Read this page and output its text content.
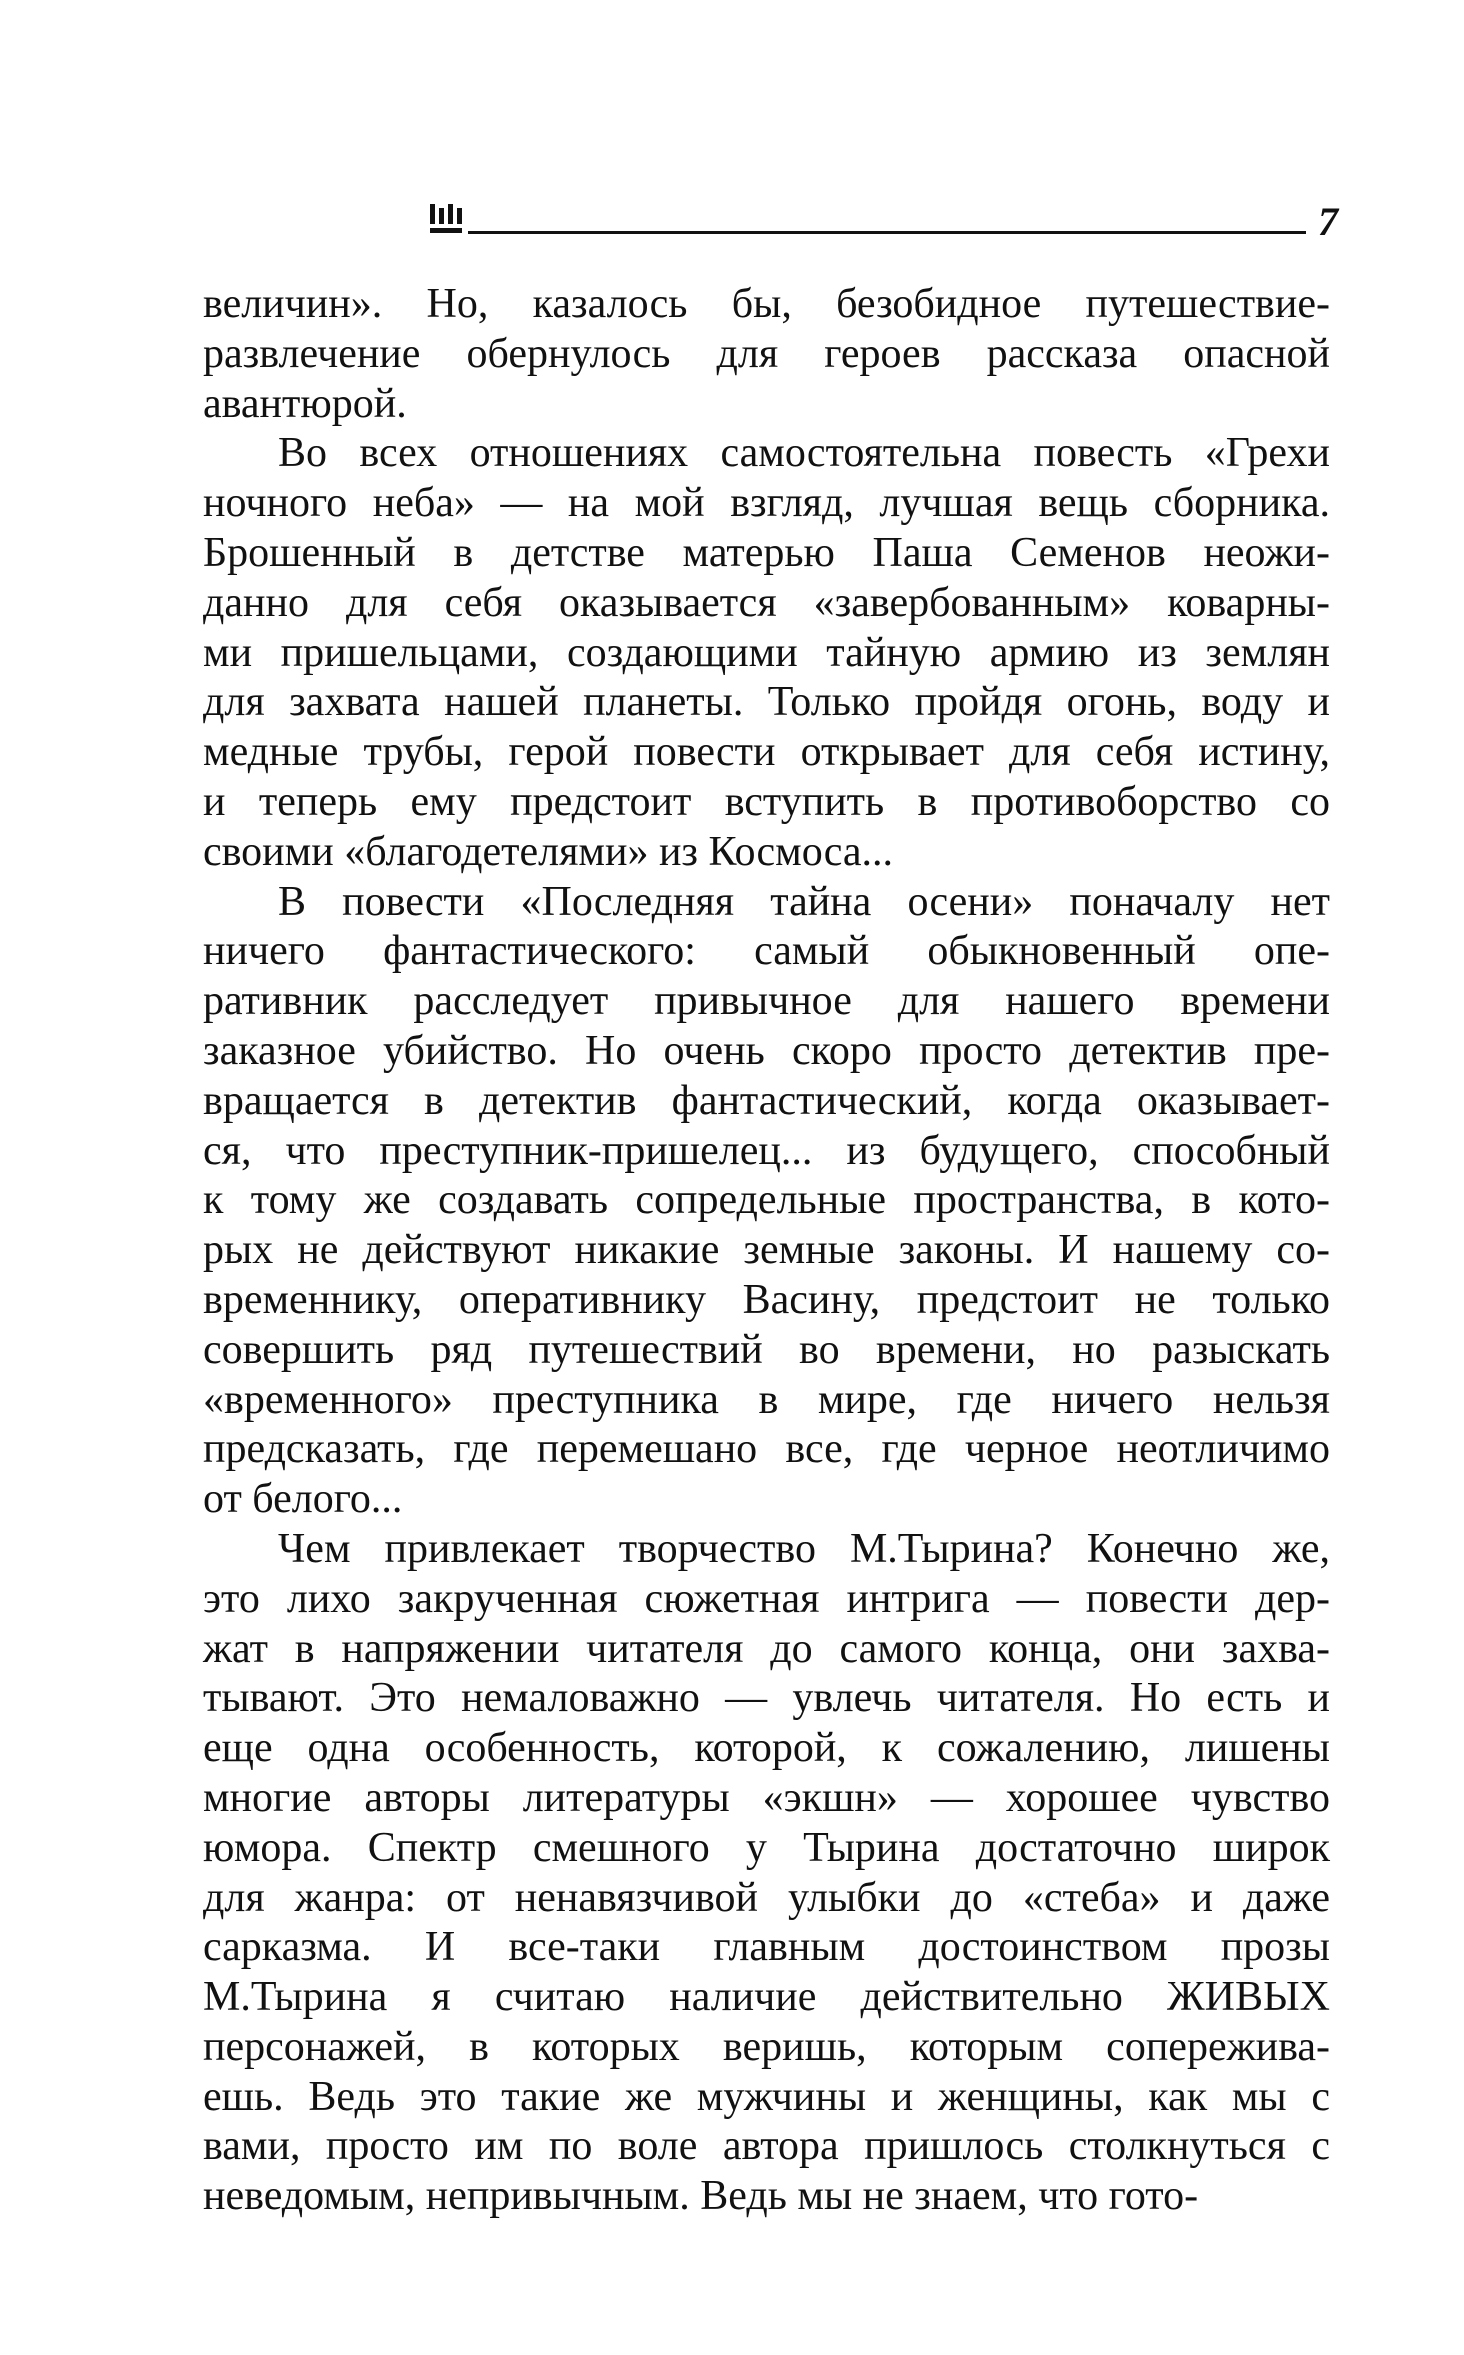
7
величин». Но, казалось бы, безобидное путешествие-
развлечение обернулось для героев рассказа опасной
авантюрой.
Во всех отношениях самостоятельна повесть «Грехи
ночного неба» — на мой взгляд, лучшая вещь сборника.
Брошенный в детстве матерью Паша Семенов неожи-
данно для себя оказывается «завербованным» коварны-
ми пришельцами, создающими тайную армию из землян
для захвата нашей планеты. Только пройдя огонь, воду и
медные трубы, герой повести открывает для себя истину,
и теперь ему предстоит вступить в противоборство со
своими «благодетелями» из Космоса...
В повести «Последняя тайна осени» поначалу нет
ничего фантастического: самый обыкновенный опе-
ративник расследует привычное для нашего времени
заказное убийство. Но очень скоро просто детектив пре-
вращается в детектив фантастический, когда оказывает-
ся, что преступник-пришелец... из будущего, способный
к тому же создавать сопредельные пространства, в кото-
рых не действуют никакие земные законы. И нашему со-
временнику, оперативнику Васину, предстоит не только
совершить ряд путешествий во времени, но разыскать
«временного» преступника в мире, где ничего нельзя
предсказать, где перемешано все, где черное неотличимо
от белого...
Чем привлекает творчество М.Тырина? Конечно же,
это лихо закрученная сюжетная интрига — повести дер-
жат в напряжении читателя до самого конца, они захва-
тывают. Это немаловажно — увлечь читателя. Но есть и
еще одна особенность, которой, к сожалению, лишены
многие авторы литературы «экшн» — хорошее чувство
юмора. Спектр смешного у Тырина достаточно широк
для жанра: от ненавязчивой улыбки до «стеба» и даже
сарказма. И все-таки главным достоинством прозы
М.Тырина я считаю наличие действительно ЖИВЫХ
персонажей, в которых веришь, которым сопережива-
ешь. Ведь это такие же мужчины и женщины, как мы с
вами, просто им по воле автора пришлось столкнуться с
неведомым, непривычным. Ведь мы не знаем, что гото-
